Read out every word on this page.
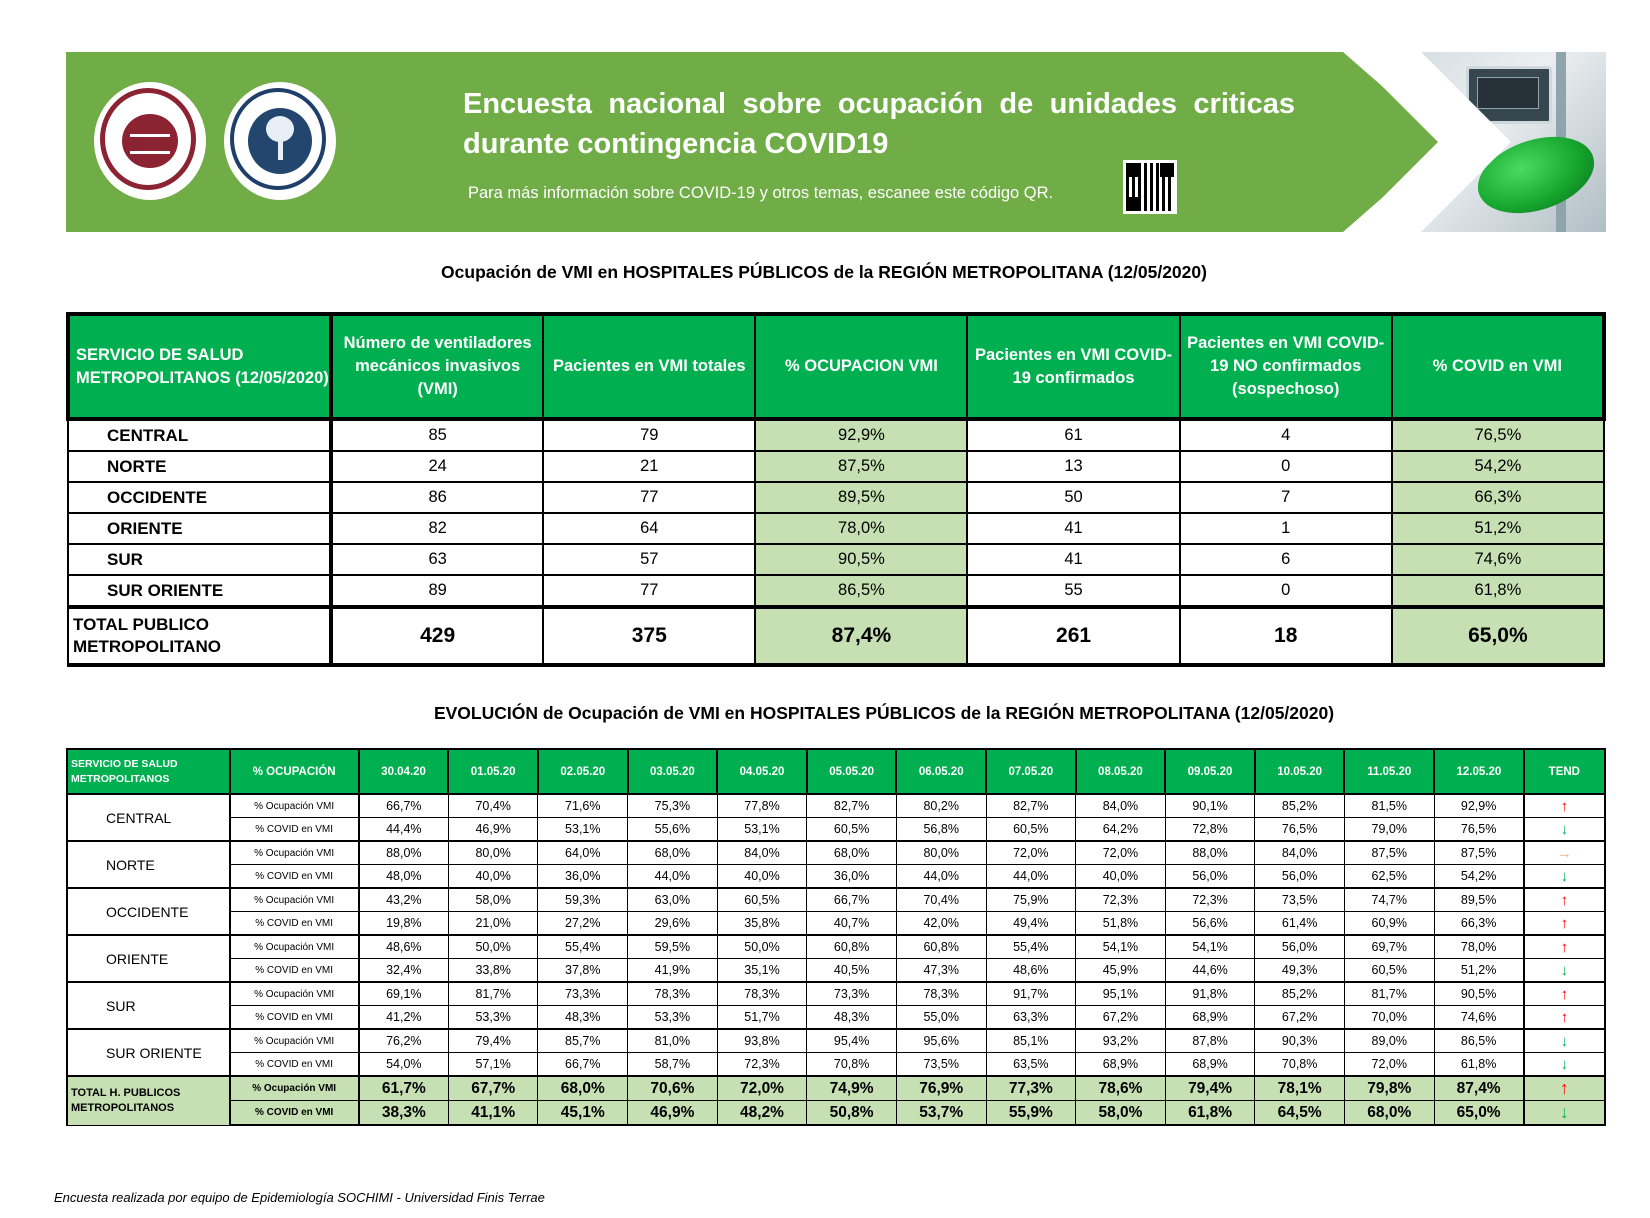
Encuesta nacional sobre ocupación de unidades criticas durante contingencia COVID19
Para más información sobre COVID-19 y otros temas, escanee este código QR.
Ocupación de VMI en HOSPITALES PÚBLICOS de la REGIÓN METROPOLITANA (12/05/2020)
SERVICIO DE SALUD METROPOLITANOS (12/05/2020)	Número de ventiladores mecánicos invasivos (VMI)	Pacientes en VMI totales	% OCUPACION VMI	Pacientes en VMI COVID-19 confirmados	Pacientes en VMI COVID-19 NO confirmados (sospechoso)	% COVID en VMI
CENTRAL	85	79	92,9%	61	4	76,5%
NORTE	24	21	87,5%	13	0	54,2%
OCCIDENTE	86	77	89,5%	50	7	66,3%
ORIENTE	82	64	78,0%	41	1	51,2%
SUR	63	57	90,5%	41	6	74,6%
SUR ORIENTE	89	77	86,5%	55	0	61,8%
TOTAL PUBLICO METROPOLITANO	429	375	87,4%	261	18	65,0%
EVOLUCIÓN de Ocupación de VMI en HOSPITALES PÚBLICOS de la REGIÓN METROPOLITANA (12/05/2020)
SERVICIO DE SALUD METROPOLITANOS	% OCUPACIÓN	30.04.20	01.05.20	02.05.20	03.05.20	04.05.20	05.05.20	06.05.20	07.05.20	08.05.20	09.05.20	10.05.20	11.05.20	12.05.20	TEND
CENTRAL	% Ocupación VMI	66,7%	70,4%	71,6%	75,3%	77,8%	82,7%	80,2%	82,7%	84,0%	90,1%	85,2%	81,5%	92,9%	↑
	% COVID en VMI	44,4%	46,9%	53,1%	55,6%	53,1%	60,5%	56,8%	60,5%	64,2%	72,8%	76,5%	79,0%	76,5%	↓
NORTE	% Ocupación VMI	88,0%	80,0%	64,0%	68,0%	84,0%	68,0%	80,0%	72,0%	72,0%	88,0%	84,0%	87,5%	87,5%	→
	% COVID en VMI	48,0%	40,0%	36,0%	44,0%	40,0%	36,0%	44,0%	44,0%	40,0%	56,0%	56,0%	62,5%	54,2%	↓
OCCIDENTE	% Ocupación VMI	43,2%	58,0%	59,3%	63,0%	60,5%	66,7%	70,4%	75,9%	72,3%	72,3%	73,5%	74,7%	89,5%	↑
	% COVID en VMI	19,8%	21,0%	27,2%	29,6%	35,8%	40,7%	42,0%	49,4%	51,8%	56,6%	61,4%	60,9%	66,3%	↑
ORIENTE	% Ocupación VMI	48,6%	50,0%	55,4%	59,5%	50,0%	60,8%	60,8%	55,4%	54,1%	54,1%	56,0%	69,7%	78,0%	↑
	% COVID en VMI	32,4%	33,8%	37,8%	41,9%	35,1%	40,5%	47,3%	48,6%	45,9%	44,6%	49,3%	60,5%	51,2%	↓
SUR	% Ocupación VMI	69,1%	81,7%	73,3%	78,3%	78,3%	73,3%	78,3%	91,7%	95,1%	91,8%	85,2%	81,7%	90,5%	↑
	% COVID en VMI	41,2%	53,3%	48,3%	53,3%	51,7%	48,3%	55,0%	63,3%	67,2%	68,9%	67,2%	70,0%	74,6%	↑
SUR ORIENTE	% Ocupación VMI	76,2%	79,4%	85,7%	81,0%	93,8%	95,4%	95,6%	85,1%	93,2%	87,8%	90,3%	89,0%	86,5%	↓
	% COVID en VMI	54,0%	57,1%	66,7%	58,7%	72,3%	70,8%	73,5%	63,5%	68,9%	68,9%	70,8%	72,0%	61,8%	↓
TOTAL H. PUBLICOS METROPOLITANOS	% Ocupación VMI	61,7%	67,7%	68,0%	70,6%	72,0%	74,9%	76,9%	77,3%	78,6%	79,4%	78,1%	79,8%	87,4%	↑
	% COVID en VMI	38,3%	41,1%	45,1%	46,9%	48,2%	50,8%	53,7%	55,9%	58,0%	61,8%	64,5%	68,0%	65,0%	↓
Encuesta realizada por equipo de Epidemiología SOCHIMI - Universidad Finis Terrae
